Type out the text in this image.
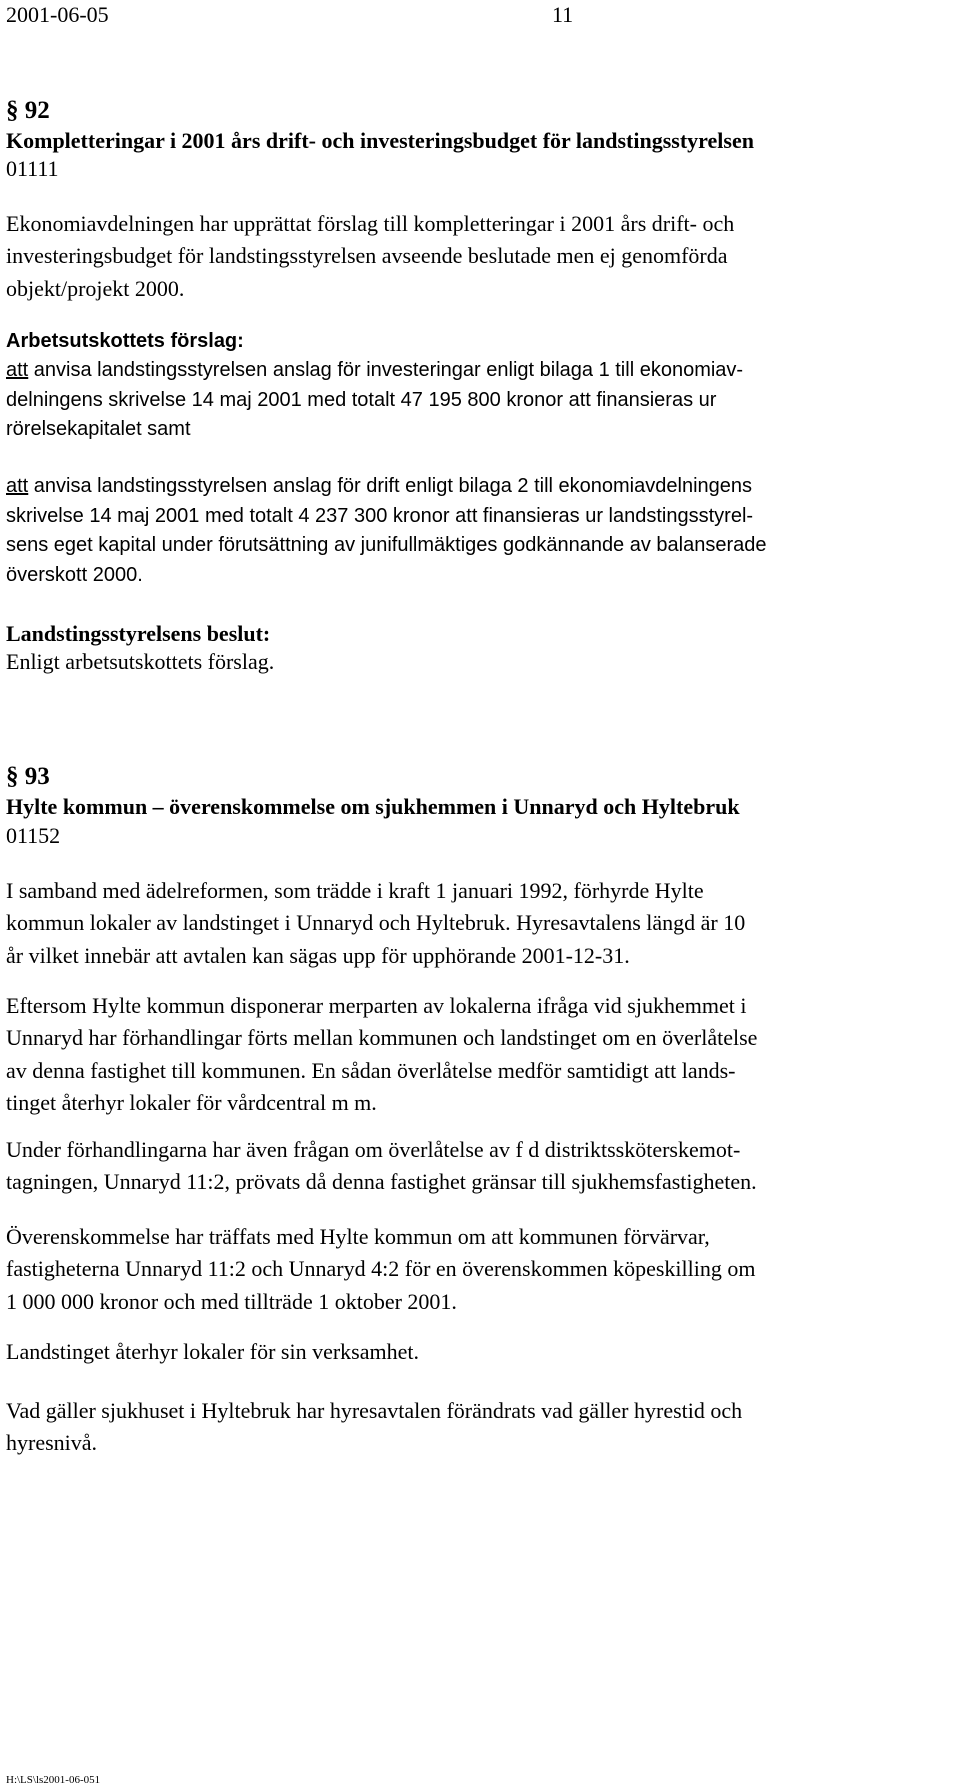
2001-06-05	11
§ 92
Kompletteringar i 2001 års drift- och investeringsbudget för landstingsstyrelsen
01111
Ekonomiavdelningen har upprättat förslag till kompletteringar i 2001 års drift- och
investeringsbudget för landstingsstyrelsen avseende beslutade men ej genomförda
objekt/projekt 2000.
Arbetsutskottets förslag:
att anvisa landstingsstyrelsen anslag för investeringar enligt bilaga 1 till ekonomiav-
delningens skrivelse 14 maj 2001 med totalt 47 195 800 kronor att finansieras ur
rörelsekapitalet samt
att anvisa landstingsstyrelsen anslag för drift enligt bilaga 2 till ekonomiavdelningens
skrivelse 14 maj 2001 med totalt 4 237 300 kronor att finansieras ur landstingsstyrel-
sens eget kapital under förutsättning av junifullmäktiges godkännande av balanserade
överskott 2000.
Landstingsstyrelsens beslut:
Enligt arbetsutskottets förslag.
§ 93
Hylte kommun – överenskommelse om sjukhemmen i Unnaryd och Hyltebruk
01152
I samband med ädelreformen, som trädde i kraft 1 januari 1992, förhyrde Hylte
kommun lokaler av landstinget i Unnaryd och Hyltebruk. Hyresavtalens längd är 10
år vilket innebär att avtalen kan sägas upp för upphörande 2001-12-31.
Eftersom Hylte kommun disponerar merparten av lokalerna ifråga vid sjukhemmet i
Unnaryd har förhandlingar förts mellan kommunen och landstinget om en överlåtelse
av denna fastighet till kommunen. En sådan överlåtelse medför samtidigt att lands-
tinget återhyr lokaler för vårdcentral m m.
Under förhandlingarna har även frågan om överlåtelse av f d distriktssköterskemot-
tagningen, Unnaryd 11:2, prövats då denna fastighet gränsar till sjukhemsfastigheten.
Överenskommelse har träffats med Hylte kommun om att kommunen förvärvar,
fastigheterna Unnaryd 11:2 och Unnaryd 4:2 för en överenskommen köpeskilling om
1 000 000 kronor och med tillträde 1 oktober 2001.
Landstinget återhyr lokaler för sin verksamhet.
Vad gäller sjukhuset i Hyltebruk har hyresavtalen förändrats vad gäller hyrestid och
hyresnivå.
H:\LS\ls2001-06-051
